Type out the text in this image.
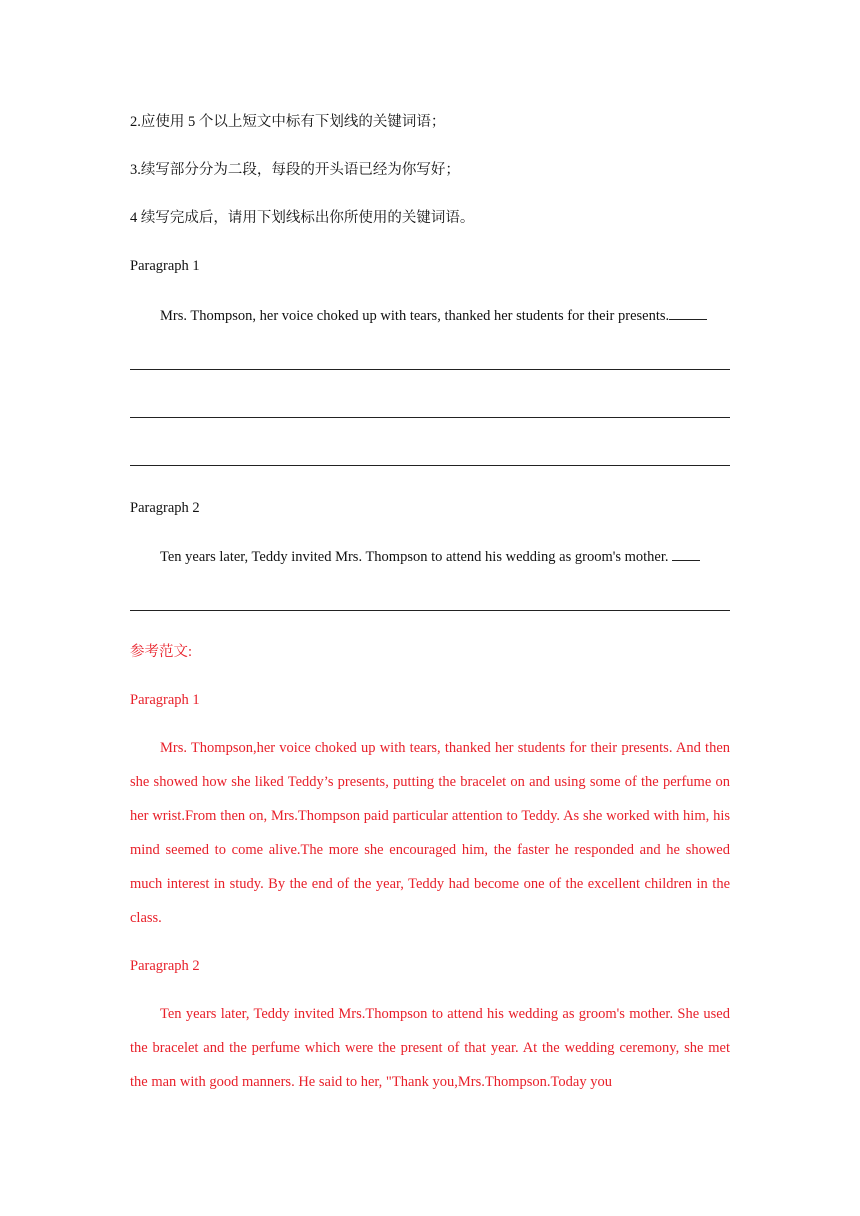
2.应使用 5 个以上短文中标有下划线的关键词语；
3.续写部分分为二段，每段的开头语已经为你写好；
4 续写完成后，请用下划线标出你所使用的关键词语。
Paragraph 1
Mrs. Thompson, her voice choked up with tears, thanked her students for their presents.
Paragraph 2
Ten years later, Teddy invited Mrs. Thompson to attend his wedding as groom's mother.
参考范文:
Paragraph 1
Mrs. Thompson,her voice choked up with tears, thanked her students for their presents. And then she showed how she liked Teddy’s presents, putting the bracelet on and using some of the perfume on her wrist.From then on, Mrs.Thompson paid particular attention to Teddy. As she worked with him, his mind seemed to come alive.The more she encouraged him, the faster he responded and he showed much interest in study. By the end of the year, Teddy had become one of the excellent children in the class.
Paragraph 2
Ten years later, Teddy invited Mrs.Thompson to attend his wedding as groom's mother. She used the bracelet and the perfume which were the present of that year. At the wedding ceremony, she met the man with good manners. He said to her, "Thank you,Mrs.Thompson.Today you
